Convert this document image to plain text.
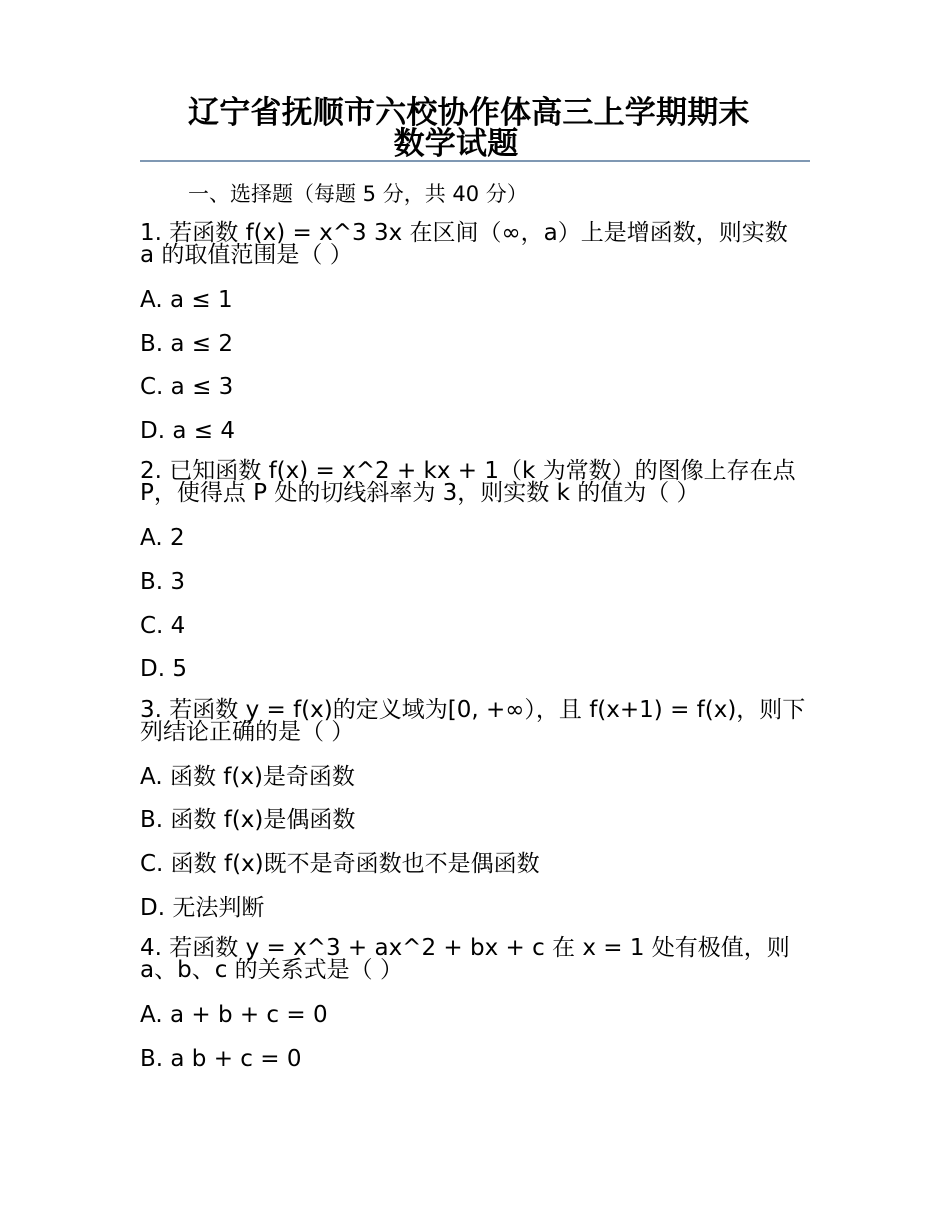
辽宁省抚顺市六校协作体高三上学期期末
数学试题
一、选择题（每题 5 分，共 40 分）
1. 若函数 f(x) = x^3 3x 在区间（∞，a）上是增函数，则实数 a 的取值范围是（ ）
A. a ≤ 1
B. a ≤ 2
C. a ≤ 3
D. a ≤ 4
2. 已知函数 f(x) = x^2 + kx + 1（k 为常数）的图像上存在点 P，使得点 P 处的切线斜率为 3，则实数 k 的值为（ ）
A. 2
B. 3
C. 4
D. 5
3. 若函数 y = f(x)的定义域为[0, +∞），且 f(x+1) = f(x)，则下列结论正确的是（ ）
A. 函数 f(x)是奇函数
B. 函数 f(x)是偶函数
C. 函数 f(x)既不是奇函数也不是偶函数
D. 无法判断
4. 若函数 y = x^3 + ax^2 + bx + c 在 x = 1 处有极值，则 a、b、c 的关系式是（ ）
A. a + b + c = 0
B. a b + c = 0
